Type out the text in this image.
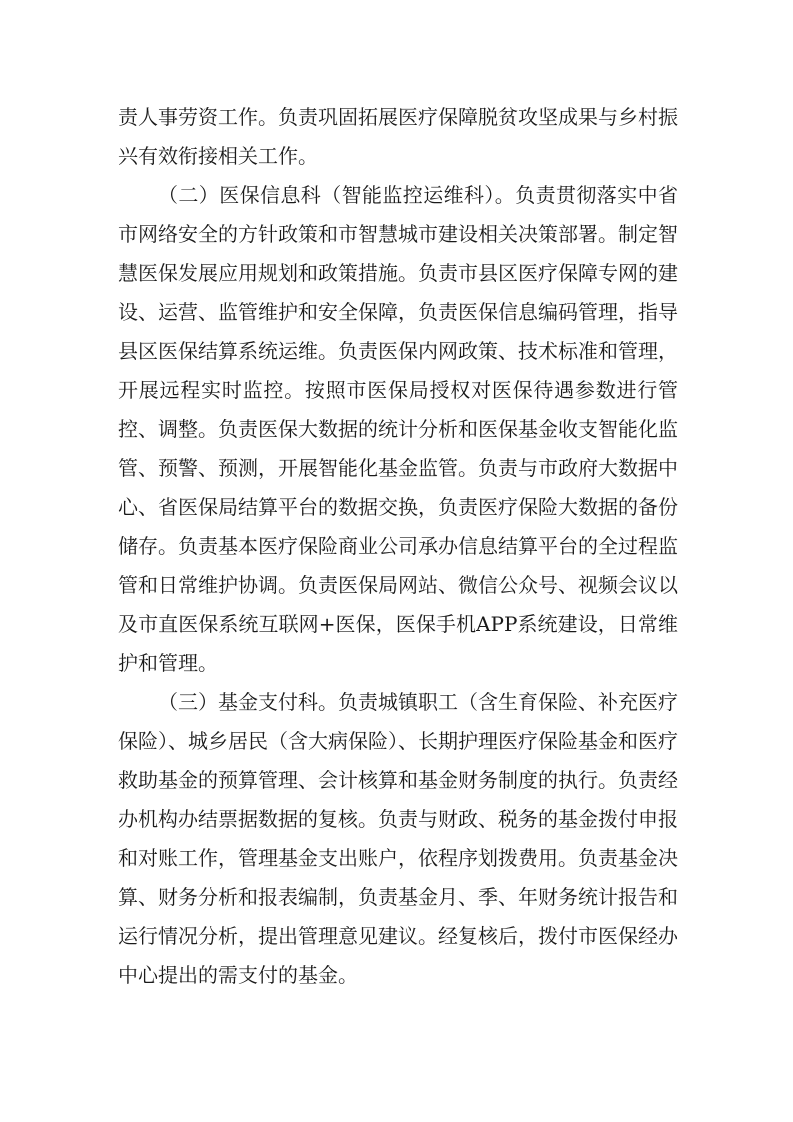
责人事劳资工作。负责巩固拓展医疗保障脱贫攻坚成果与乡村振兴有效衔接相关工作。

（二）医保信息科（智能监控运维科）。负责贯彻落实中省市网络安全的方针政策和市智慧城市建设相关决策部署。制定智慧医保发展应用规划和政策措施。负责市县区医疗保障专网的建设、运营、监管维护和安全保障，负责医保信息编码管理，指导县区医保结算系统运维。负责医保内网政策、技术标准和管理，开展远程实时监控。按照市医保局授权对医保待遇参数进行管控、调整。负责医保大数据的统计分析和医保基金收支智能化监管、预警、预测，开展智能化基金监管。负责与市政府大数据中心、省医保局结算平台的数据交换，负责医疗保险大数据的备份储存。负责基本医疗保险商业公司承办信息结算平台的全过程监管和日常维护协调。负责医保局网站、微信公众号、视频会议以及市直医保系统互联网+医保，医保手机APP系统建设，日常维护和管理。

（三）基金支付科。负责城镇职工（含生育保险、补充医疗保险）、城乡居民（含大病保险）、长期护理医疗保险基金和医疗救助基金的预算管理、会计核算和基金财务制度的执行。负责经办机构办结票据数据的复核。负责与财政、税务的基金拨付申报和对账工作，管理基金支出账户，依程序划拨费用。负责基金决算、财务分析和报表编制，负责基金月、季、年财务统计报告和运行情况分析，提出管理意见建议。经复核后，拨付市医保经办中心提出的需支付的基金。
